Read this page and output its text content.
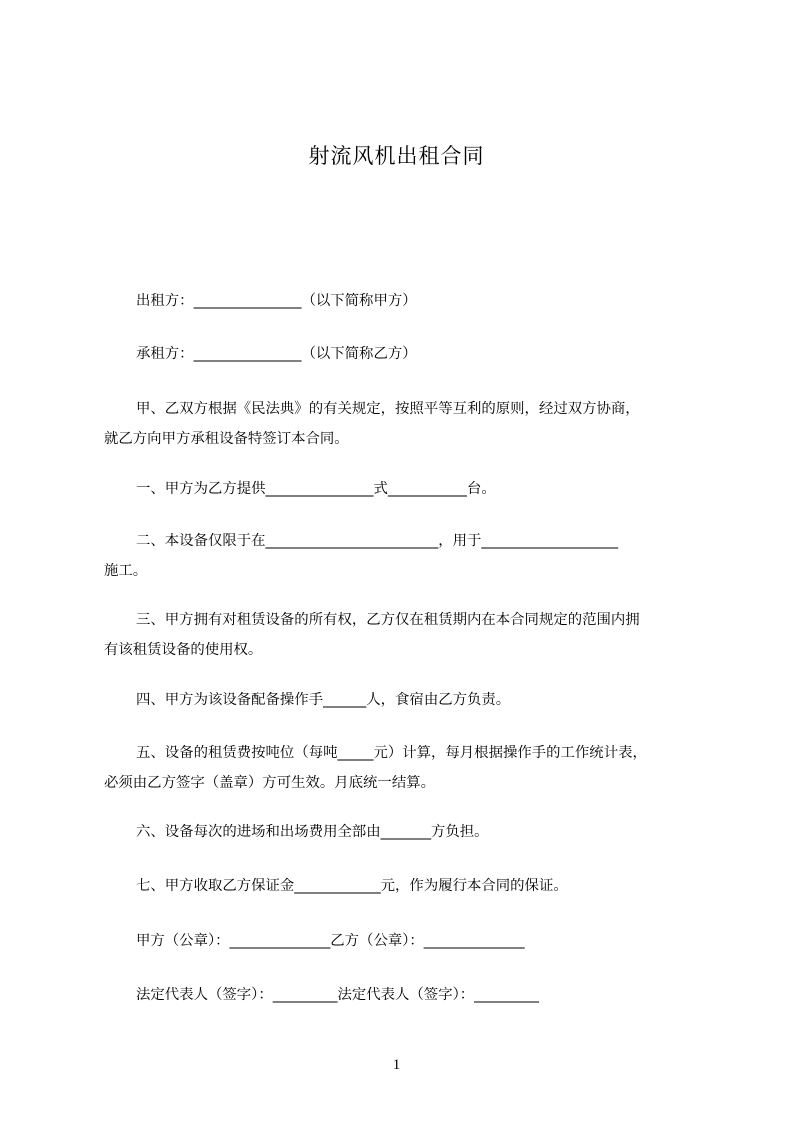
射流风机出租合同
出租方：_______________（以下简称甲方）
承租方：_______________（以下简称乙方）
甲、乙双方根据《民法典》的有关规定，按照平等互利的原则，经过双方协商，
就乙方向甲方承租设备特签订本合同。
一、甲方为乙方提供_______________式___________台。
二、本设备仅限于在________________________，用于___________________
施工。
三、甲方拥有对租赁设备的所有权，乙方仅在租赁期内在本合同规定的范围内拥
有该租赁设备的使用权。
四、甲方为该设备配备操作手______人，食宿由乙方负责。
五、设备的租赁费按吨位（每吨_____元）计算，每月根据操作手的工作统计表，
必须由乙方签字（盖章）方可生效。月底统一结算。
六、设备每次的进场和出场费用全部由_______方负担。
七、甲方收取乙方保证金____________元，作为履行本合同的保证。
甲方（公章）：______________乙方（公章）：______________
法定代表人（签字）：_________法定代表人（签字）：_________
1
